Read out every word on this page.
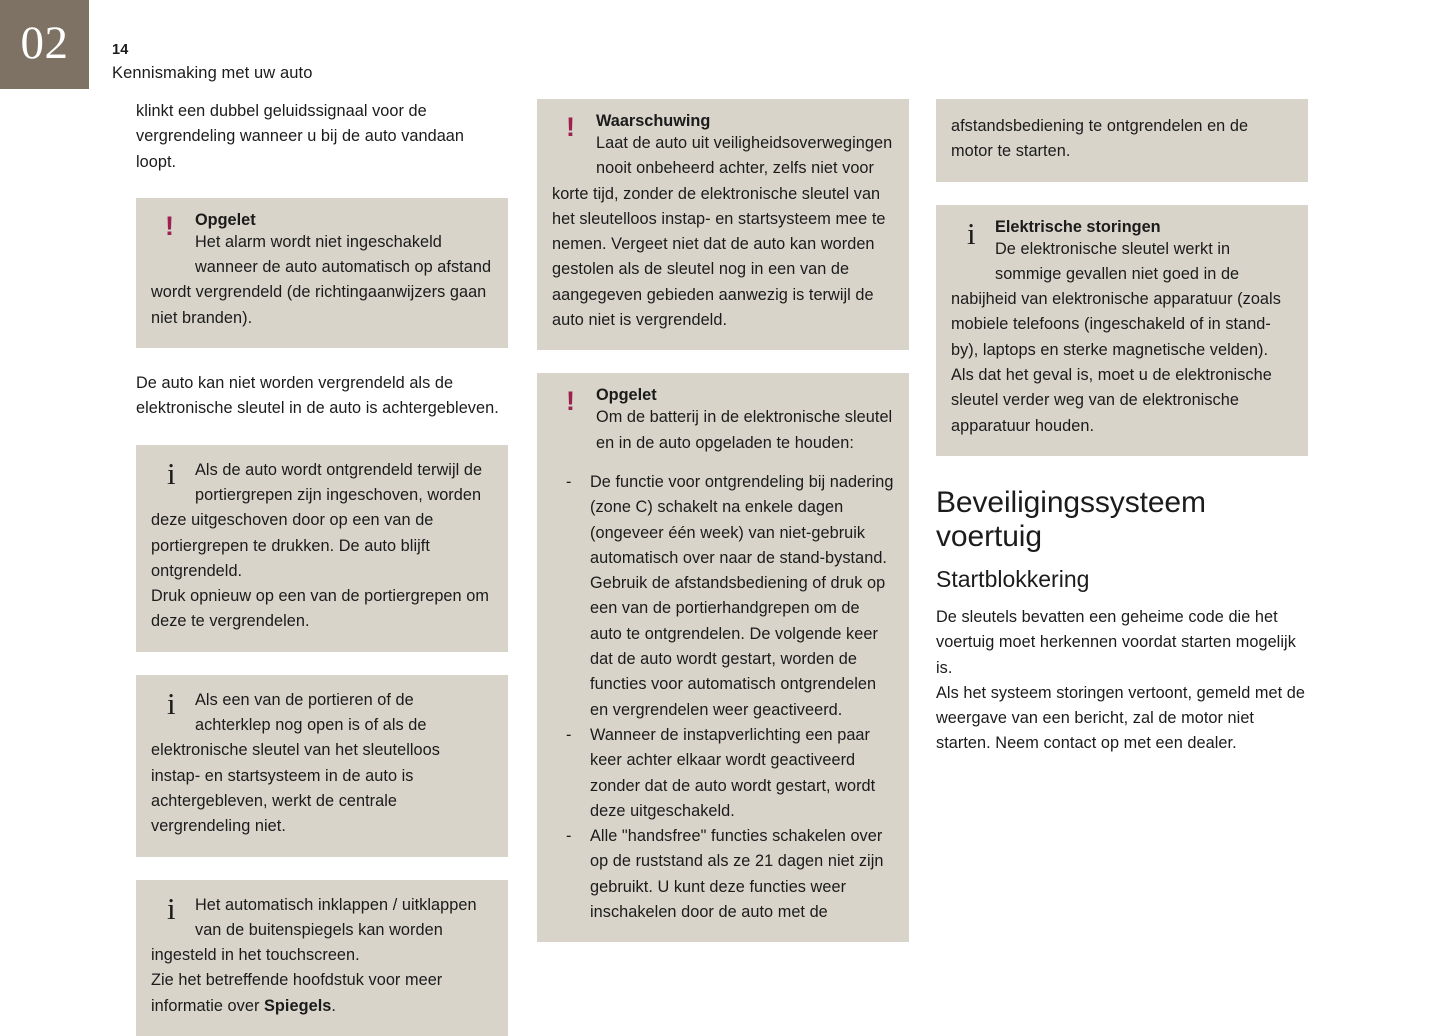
02	14
Kennismaking met uw auto

klinkt een dubbel geluidssignaal voor de vergrendeling wanneer u bij de auto vandaan loopt.

!	Opgelet
Het alarm wordt niet ingeschakeld wanneer de auto automatisch op afstand wordt vergrendeld (de richtingaanwijzers gaan niet branden).

De auto kan niet worden vergrendeld als de elektronische sleutel in de auto is achtergebleven.

i	Als de auto wordt ontgrendeld terwijl de portiergrepen zijn ingeschoven, worden deze uitgeschoven door op een van de portiergrepen te drukken. De auto blijft ontgrendeld.
Druk opnieuw op een van de portiergrepen om deze te vergrendelen.
i	Als een van de portieren of de achterklep nog open is of als de elektronische sleutel van het sleutelloos instap- en startsysteem in de auto is achtergebleven, werkt de centrale vergrendeling niet.
i	Het automatisch inklappen / uitklappen van de buitenspiegels kan worden ingesteld in het touchscreen.
Zie het betreffende hoofdstuk voor meer informatie over Spiegels.
!	Waarschuwing
Laat de auto uit veiligheidsoverwegingen nooit onbeheerd achter, zelfs niet voor korte tijd, zonder de elektronische sleutel van het sleutelloos instap- en startsysteem mee te nemen. Vergeet niet dat de auto kan worden gestolen als de sleutel nog in een van de aangegeven gebieden aanwezig is terwijl de auto niet is vergrendeld.
!	Opgelet
Om de batterij in de elektronische sleutel en in de auto opgeladen te houden:
- De functie voor ontgrendeling bij nadering (zone C) schakelt na enkele dagen (ongeveer één week) van niet-gebruik automatisch over naar de stand-bystand. Gebruik de afstandsbediening of druk op een van de portierhandgrepen om de auto te ontgrendelen. De volgende keer dat de auto wordt gestart, worden de functies voor automatisch ontgrendelen en vergrendelen weer geactiveerd.
- Wanneer de instapverlichting een paar keer achter elkaar wordt geactiveerd zonder dat de auto wordt gestart, wordt deze uitgeschakeld.
- Alle "handsfree" functies schakelen over op de ruststand als ze 21 dagen niet zijn gebruikt. U kunt deze functies weer inschakelen door de auto met de
afstandsbediening te ontgrendelen en de motor te starten.
i	Elektrische storingen
De elektronische sleutel werkt in sommige gevallen niet goed in de nabijheid van elektronische apparatuur (zoals mobiele telefoons (ingeschakeld of in stand-by), laptops en sterke magnetische velden). Als dat het geval is, moet u de elektronische sleutel verder weg van de elektronische apparatuur houden.
Beveiligingssysteem voertuig
Startblokkering

De sleutels bevatten een geheime code die het voertuig moet herkennen voordat starten mogelijk is.

Als het systeem storingen vertoont, gemeld met de weergave van een bericht, zal de motor niet starten. Neem contact op met een dealer.
